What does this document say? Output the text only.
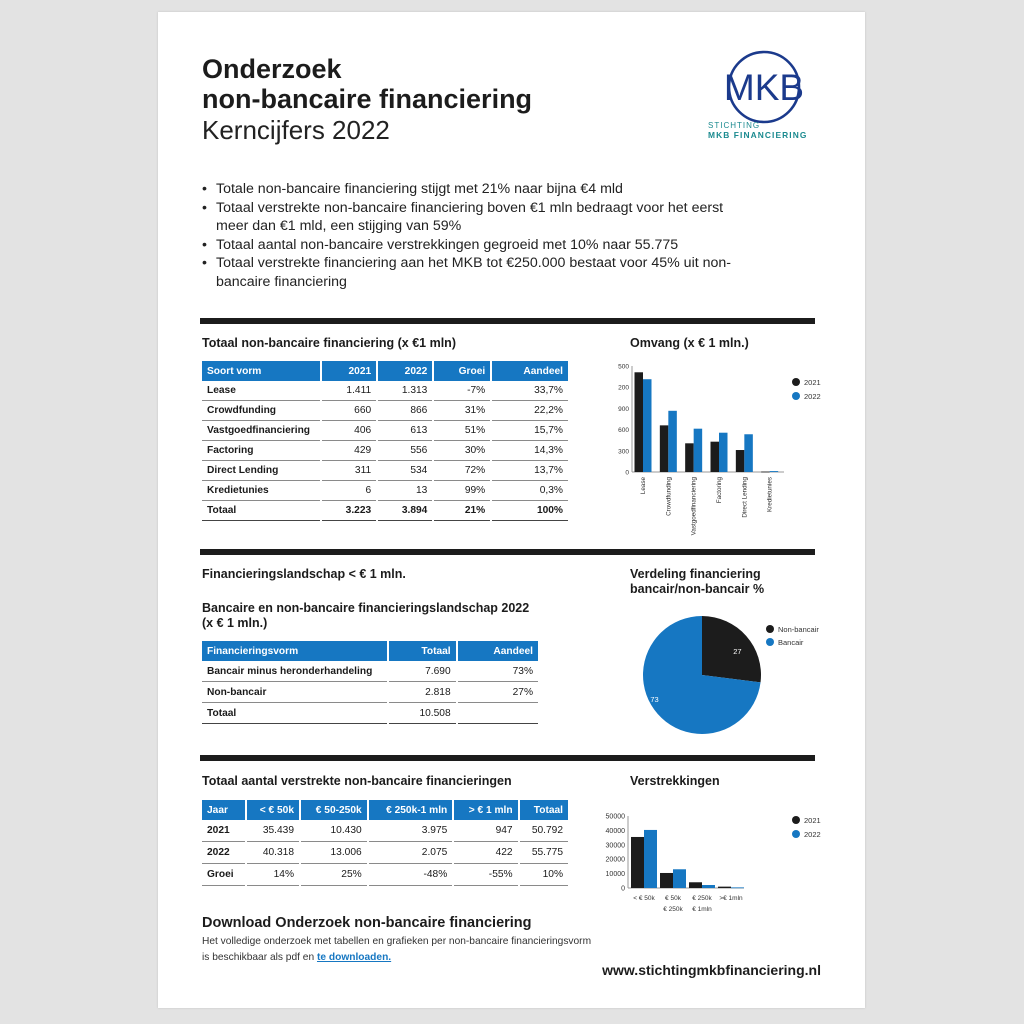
Onderzoek
non-bancaire financiering
Kerncijfers 2022
MKB
STICHTING
MKB FINANCIERING
• Totale non-bancaire financiering stijgt met 21% naar bijna €4 mld
• Totaal verstrekte non-bancaire financiering boven €1 mln bedraagt voor het eerst meer dan €1 mld, een stijging van 59%
• Totaal aantal non-bancaire verstrekkingen gegroeid met 10% naar 55.775
• Totaal verstrekte financiering aan het MKB tot €250.000 bestaat voor 45% uit non-bancaire financiering
Totaal non-bancaire financiering (x €1 mln)
Soort vorm	2021	2022	Groei	Aandeel
Lease	1.411	1.313	-7%	33,7%
Crowdfunding	660	866	31%	22,2%
Vastgoedfinanciering	406	613	51%	15,7%
Factoring	429	556	30%	14,3%
Direct Lending	311	534	72%	13,7%
Kredietunies	6	13	99%	0,3%
Totaal	3.223	3.894	21%	100%
Omvang (x € 1 mln.)
500
200
900
600
300
0
Lease	Crowdfunding	Vastgoedfinanciering	Factoring	Direct Lending	Kredietunies
2021
2022
Financieringslandschap < € 1 mln.
Bancaire en non-bancaire financieringslandschap 2022
(x € 1 mln.)
Financieringsvorm	Totaal	Aandeel
Bancair minus heronderhandeling	7.690	73%
Non-bancair	2.818	27%
Totaal	10.508	
Verdeling financiering
bancair/non-bancair %
27
73
Non-bancair
Bancair
Totaal aantal verstrekte non-bancaire financieringen
Jaar	< € 50k	€ 50-250k	€ 250k-1 mln	> € 1 mln	Totaal
2021	35.439	10.430	3.975	947	50.792
2022	40.318	13.006	2.075	422	55.775
Groei	14%	25%	-48%	-55%	10%
Verstrekkingen
50000
40000
30000
20000
10000
0
< € 50k € 50k
€ 250k
€ 250k
€ 1mln
>€ 1mln
2021
2022
Download Onderzoek non-bancaire financiering
Het volledige onderzoek met tabellen en grafieken per non-bancaire financieringsvorm
is beschikbaar als pdf en te downloaden.
www.stichtingmkbfinanciering.nl
